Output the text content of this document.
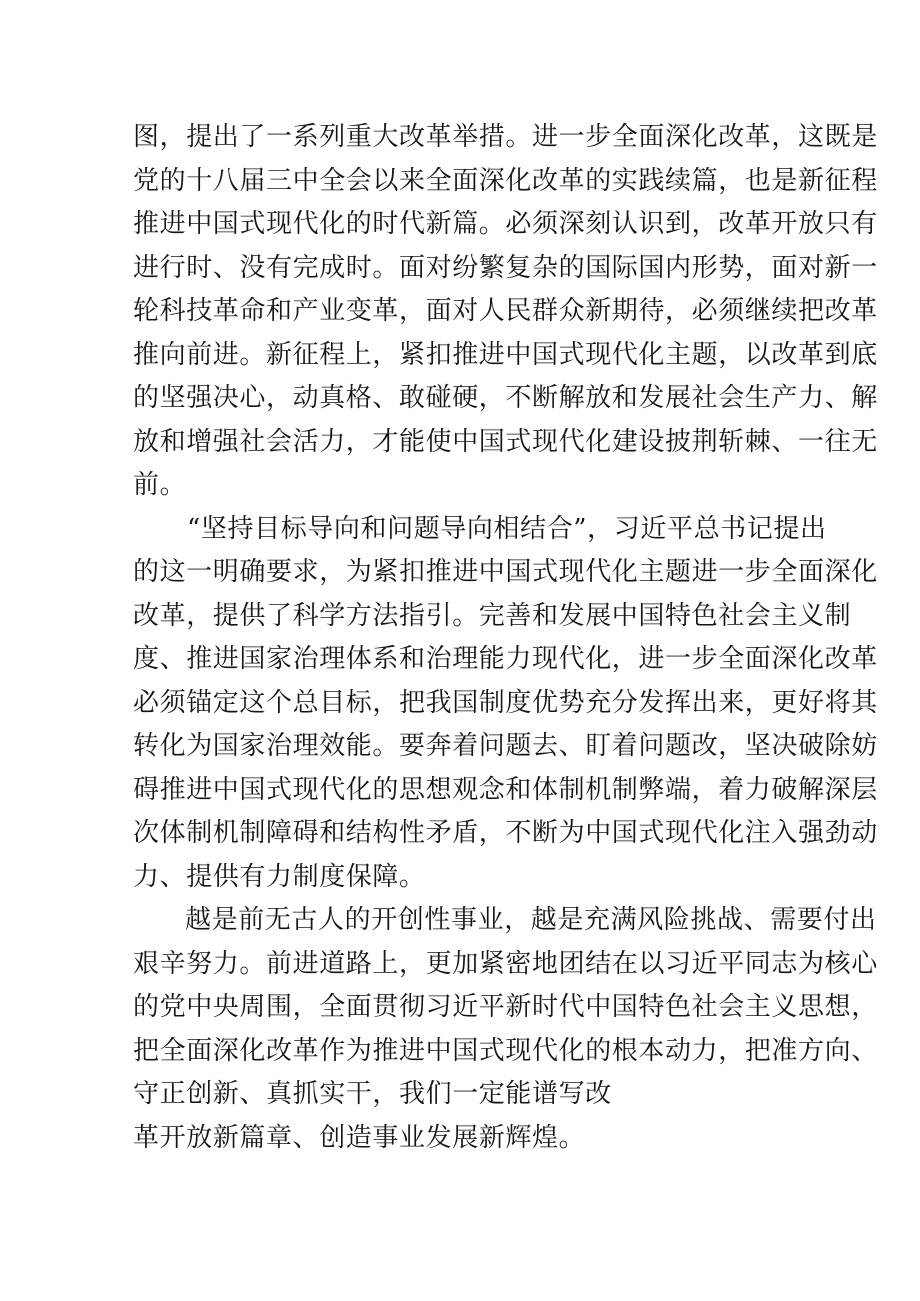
图，提出了一系列重大改革举措。进一步全面深化改革，这既是
党的十八届三中全会以来全面深化改革的实践续篇，也是新征程
推进中国式现代化的时代新篇。必须深刻认识到，改革开放只有
进行时、没有完成时。面对纷繁复杂的国际国内形势，面对新一
轮科技革命和产业变革，面对人民群众新期待，必须继续把改革
推向前进。新征程上，紧扣推进中国式现代化主题，以改革到底
的坚强决心，动真格、敢碰硬，不断解放和发展社会生产力、解
放和增强社会活力，才能使中国式现代化建设披荆斩棘、一往无
前。
“坚持目标导向和问题导向相结合”，习近平总书记提出
的这一明确要求，为紧扣推进中国式现代化主题进一步全面深化
改革，提供了科学方法指引。完善和发展中国特色社会主义制
度、推进国家治理体系和治理能力现代化，进一步全面深化改革
必须锚定这个总目标，把我国制度优势充分发挥出来，更好将其
转化为国家治理效能。要奔着问题去、盯着问题改，坚决破除妨
碍推进中国式现代化的思想观念和体制机制弊端，着力破解深层
次体制机制障碍和结构性矛盾，不断为中国式现代化注入强劲动
力、提供有力制度保障。
越是前无古人的开创性事业，越是充满风险挑战、需要付出
艰辛努力。前进道路上，更加紧密地团结在以习近平同志为核心
的党中央周围，全面贯彻习近平新时代中国特色社会主义思想，
把全面深化改革作为推进中国式现代化的根本动力，把准方向、
守正创新、真抓实干，我们一定能谱写改
革开放新篇章、创造事业发展新辉煌。
